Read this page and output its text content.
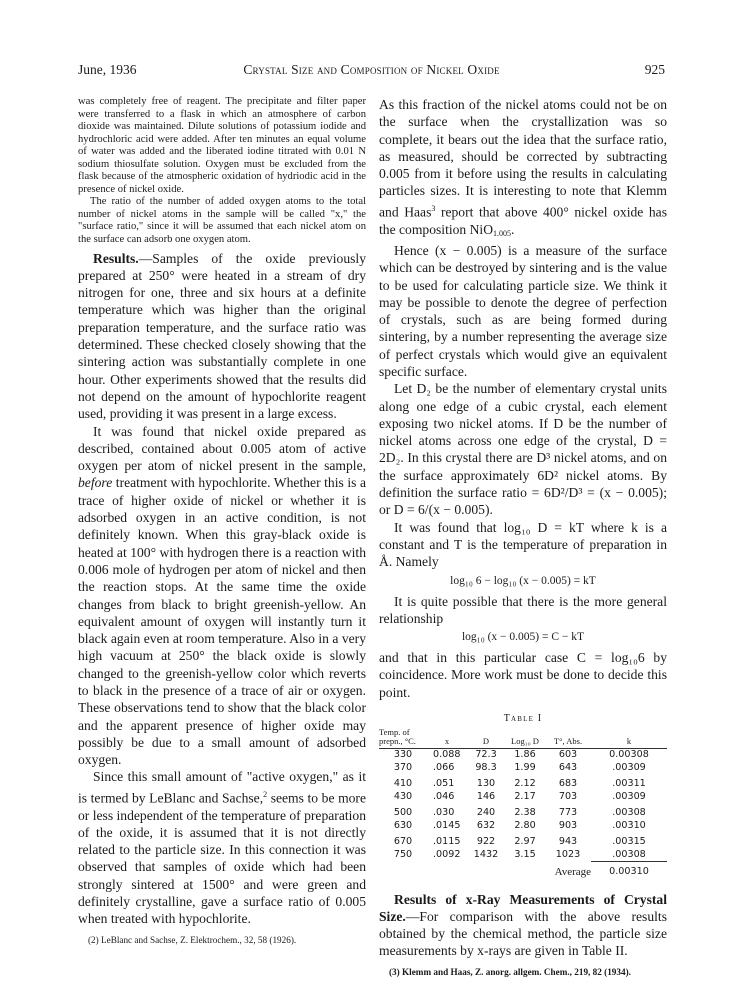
June, 1936	Crystal Size and Composition of Nickel Oxide	925

was completely free of reagent. The precipitate and filter paper were transferred to a flask in which an atmosphere of carbon dioxide was maintained. Dilute solutions of potassium iodide and hydrochloric acid were added. After ten minutes an equal volume of water was added and the liberated iodine titrated with 0.01 N sodium thiosulfate solution. Oxygen must be excluded from the flask because of the atmospheric oxidation of hydriodic acid in the presence of nickel oxide.

The ratio of the number of added oxygen atoms to the total number of nickel atoms in the sample will be called "x," the "surface ratio," since it will be assumed that each nickel atom on the surface can adsorb one oxygen atom.

Results.—Samples of the oxide previously prepared at 250° were heated in a stream of dry nitrogen for one, three and six hours at a definite temperature which was higher than the original preparation temperature, and the surface ratio was determined. These checked closely showing that the sintering action was substantially complete in one hour. Other experiments showed that the results did not depend on the amount of hypochlorite reagent used, providing it was present in a large excess.

It was found that nickel oxide prepared as described, contained about 0.005 atom of active oxygen per atom of nickel present in the sample, before treatment with hypochlorite. Whether this is a trace of higher oxide of nickel or whether it is adsorbed oxygen in an active condition, is not definitely known. When this gray-black oxide is heated at 100° with hydrogen there is a reaction with 0.006 mole of hydrogen per atom of nickel and then the reaction stops. At the same time the oxide changes from black to bright greenish-yellow. An equivalent amount of oxygen will instantly turn it black again even at room temperature. Also in a very high vacuum at 250° the black oxide is slowly changed to the greenish-yellow color which reverts to black in the presence of a trace of air or oxygen. These observations tend to show that the black color and the apparent presence of higher oxide may possibly be due to a small amount of adsorbed oxygen.

Since this small amount of "active oxygen," as it is termed by LeBlanc and Sachse,$^2$ seems to be more or less independent of the temperature of preparation of the oxide, it is assumed that it is not directly related to the particle size. In this connection it was observed that samples of oxide which had been strongly sintered at 1500° and were green and definitely crystalline, gave a surface ratio of 0.005 when treated with hypochlorite.

(2) LeBlanc and Sachse, Z. Elektrochem., 32, 58 (1926).

As this fraction of the nickel atoms could not be on the surface when the crystallization was so complete, it bears out the idea that the surface ratio, as measured, should be corrected by subtracting 0.005 from it before using the results in calculating particles sizes. It is interesting to note that Klemm and Haas$^3$ report that above 400° nickel oxide has the composition NiO$_{1.005}$.

Hence (x − 0.005) is a measure of the surface which can be destroyed by sintering and is the value to be used for calculating particle size. We think it may be possible to denote the degree of perfection of crystals, such as are being formed during sintering, by a number representing the average size of perfect crystals which would give an equivalent specific surface.

Let D₂ be the number of elementary crystal units along one edge of a cubic crystal, each element exposing two nickel atoms. If D be the number of nickel atoms across one edge of the crystal, D = 2D₂. In this crystal there are D³ nickel atoms, and on the surface approximately 6D² nickel atoms. By definition the surface ratio = 6D²/D³ = (x − 0.005); or D = 6/(x − 0.005).

It was found that log₁₀ D = kT where k is a constant and T is the temperature of preparation in Å. Namely

log₁₀ 6 − log₁₀ (x − 0.005) = kT

It is quite possible that there is the more general relationship

log₁₀ (x − 0.005) = C − kT

and that in this particular case C = log₁₀6 by coincidence. More work must be done to decide this point.

Table I
Temp. of prepn., °C.	x	D	Log₁₀ D	T°, Abs.	k
330	0.088	72.3	1.86	603	0.00308
370	.066	98.3	1.99	643	.00309
410	.051	130	2.12	683	.00311
430	.046	146	2.17	703	.00309
500	.030	240	2.38	773	.00308
630	.0145	632	2.80	903	.00310
670	.0115	922	2.97	943	.00315
750	.0092	1432	3.15	1023	.00308
Average					0.00310

Results of x-Ray Measurements of Crystal Size.—For comparison with the above results obtained by the chemical method, the particle size measurements by x-rays are given in Table II.

(3) Klemm and Haas, Z. anorg. allgem. Chem., 219, 82 (1934).
